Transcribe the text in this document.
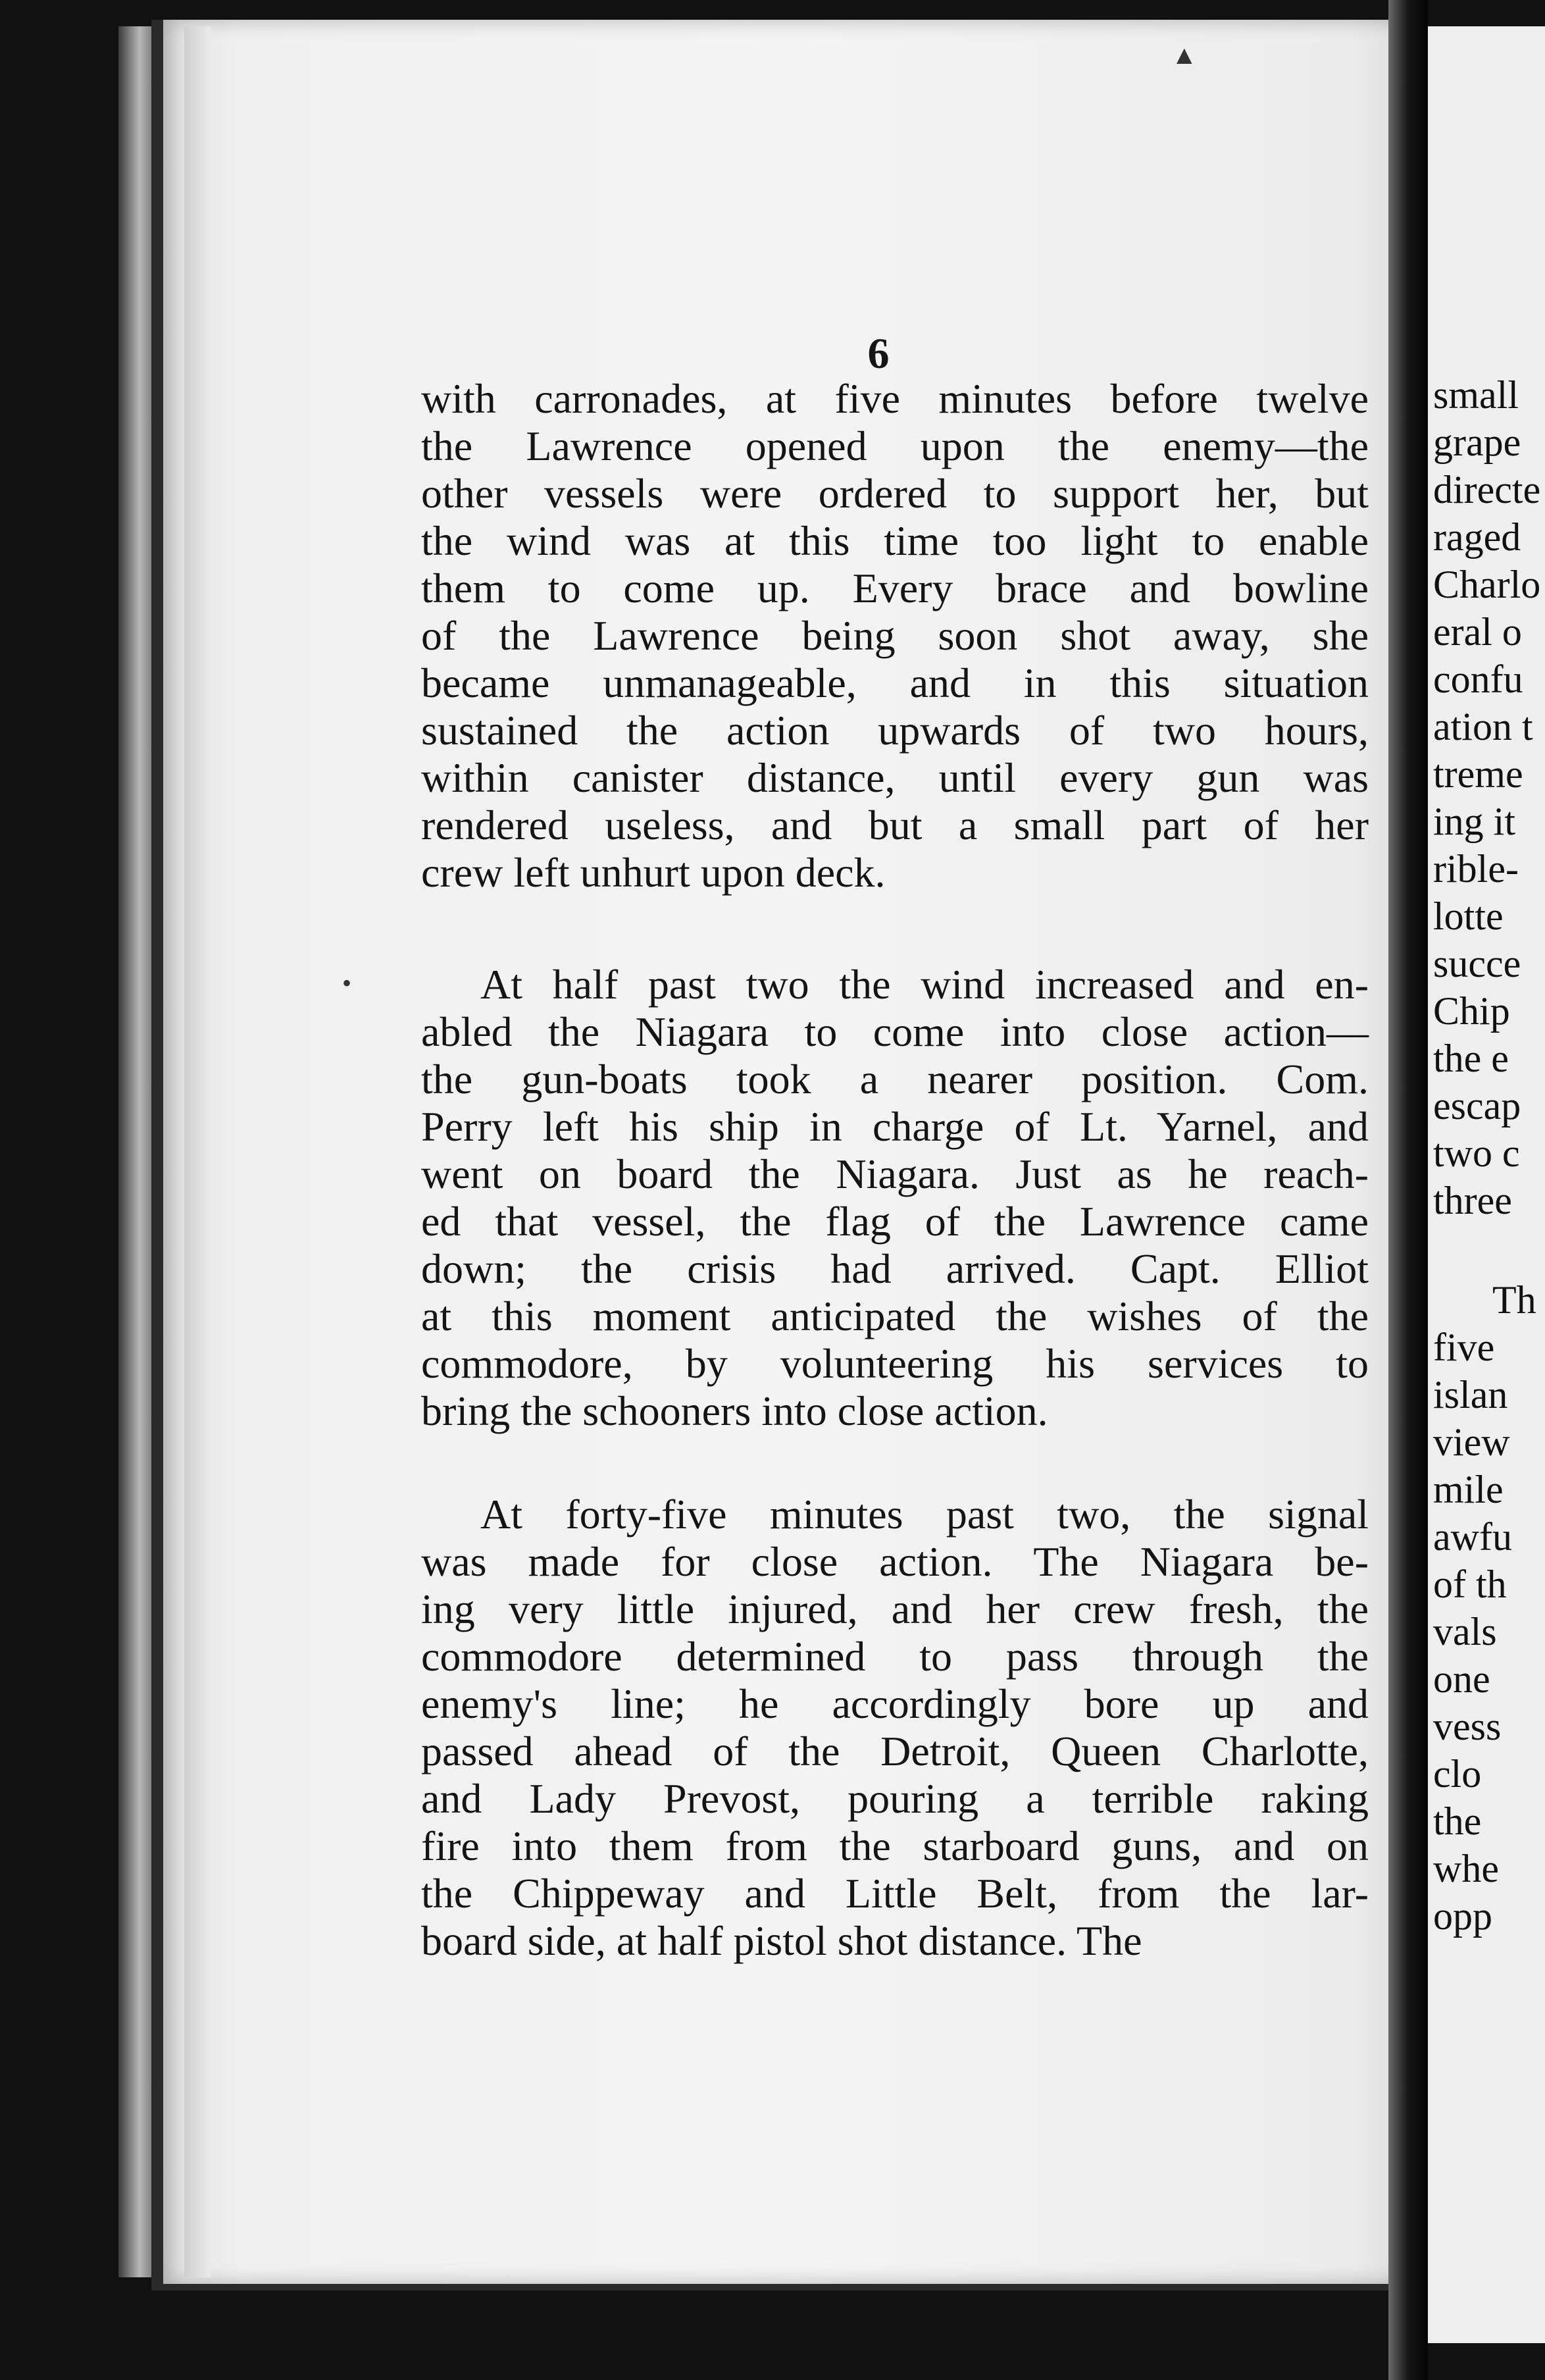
6
with carronades, at five minutes before twelve
the Lawrence opened upon the enemy—the
other vessels were ordered to support her, but
the wind was at this time too light to enable
them to come up. Every brace and bowline
of the Lawrence being soon shot away, she
became unmanageable, and in this situation
sustained the action upwards of two hours,
within canister distance, until every gun was
rendered useless, and but a small part of her
crew left unhurt upon deck.
At half past two the wind increased and en-
abled the Niagara to come into close action—
the gun-boats took a nearer position. Com.
Perry left his ship in charge of Lt. Yarnel, and
went on board the Niagara. Just as he reach-
ed that vessel, the flag of the Lawrence came
down; the crisis had arrived. Capt. Elliot
at this moment anticipated the wishes of the
commodore, by volunteering his services to
bring the schooners into close action.
At forty-five minutes past two, the signal
was made for close action. The Niagara be-
ing very little injured, and her crew fresh, the
commodore determined to pass through the
enemy's line; he accordingly bore up and
passed ahead of the Detroit, Queen Charlotte,
and Lady Prevost, pouring a terrible raking
fire into them from the starboard guns, and on
the Chippeway and Little Belt, from the lar-
board side, at half pistol shot distance. The
small
grape
directe
raged
Charlo
eral o
confu
ation t
treme
ing it
rible-
lotte
succe
Chip
the e
escap
two c
three
Th
five
islan
view
mile
awfu
of th
vals
one
vess
clo
the
whe
opp
▲
•
